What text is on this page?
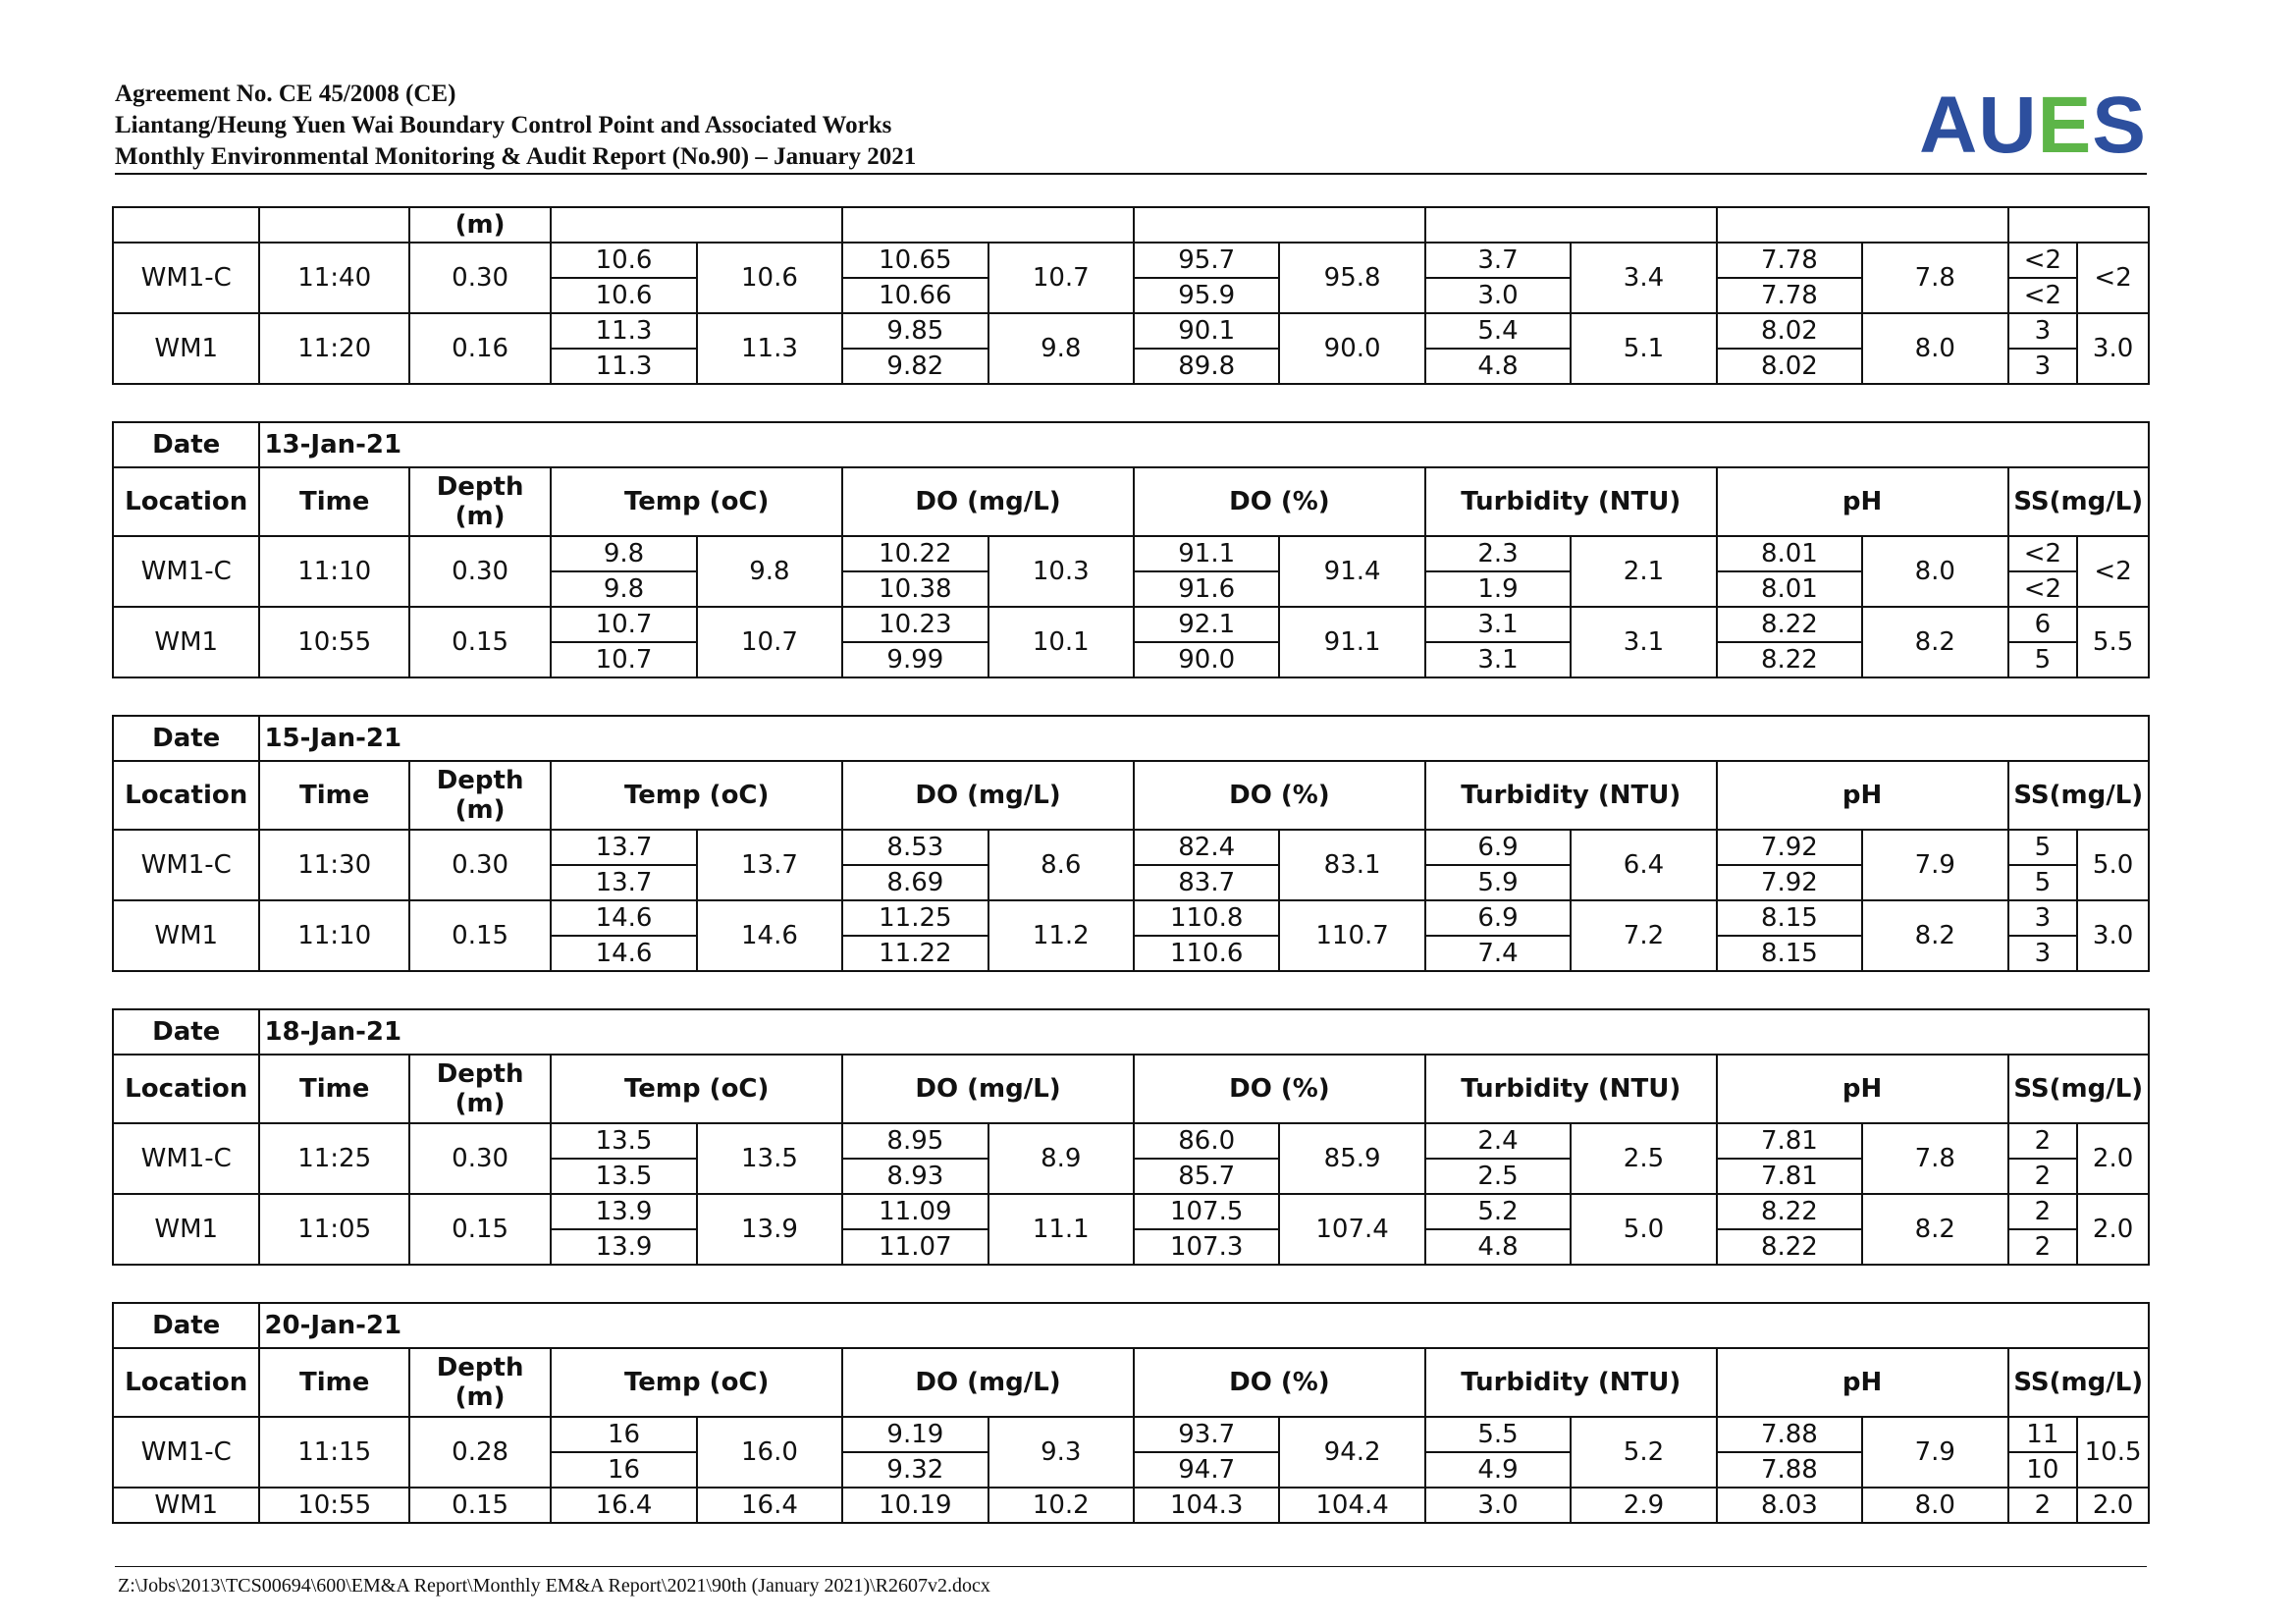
Agreement No. CE 45/2008 (CE)
Liantang/Heung Yuen Wai Boundary Control Point and Associated Works
Monthly Environmental Monitoring & Audit Report (No.90) – January 2021	AUES
		(m)												
WM1-C	11:40	0.30	10.6	10.6	10.65	10.7	95.7	95.8	3.7	3.4	7.78	7.8	<2	<2
			10.6		10.66		95.9		3.0		7.78		<2	
WM1	11:20	0.16	11.3	11.3	9.85	9.8	90.1	90.0	5.4	5.1	8.02	8.0	3	3.0
			11.3		9.82		89.8		4.8		8.02		3	
Date	13-Jan-21													
Location	Time	Depth (m)	Temp (oC)		DO (mg/L)		DO (%)		Turbidity (NTU)		pH		SS(mg/L)	
WM1-C	11:10	0.30	9.8	9.8	10.22	10.3	91.1	91.4	2.3	2.1	8.01	8.0	<2	<2
			9.8		10.38		91.6		1.9		8.01		<2	
WM1	10:55	0.15	10.7	10.7	10.23	10.1	92.1	91.1	3.1	3.1	8.22	8.2	6	5.5
			10.7		9.99		90.0		3.1		8.22		5	
Date	15-Jan-21													
Location	Time	Depth (m)	Temp (oC)		DO (mg/L)		DO (%)		Turbidity (NTU)		pH		SS(mg/L)	
WM1-C	11:30	0.30	13.7	13.7	8.53	8.6	82.4	83.1	6.9	6.4	7.92	7.9	5	5.0
			13.7		8.69		83.7		5.9		7.92		5	
WM1	11:10	0.15	14.6	14.6	11.25	11.2	110.8	110.7	6.9	7.2	8.15	8.2	3	3.0
			14.6		11.22		110.6		7.4		8.15		3	
Date	18-Jan-21													
Location	Time	Depth (m)	Temp (oC)		DO (mg/L)		DO (%)		Turbidity (NTU)		pH		SS(mg/L)	
WM1-C	11:25	0.30	13.5	13.5	8.95	8.9	86.0	85.9	2.4	2.5	7.81	7.8	2	2.0
			13.5		8.93		85.7		2.5		7.81		2	
WM1	11:05	0.15	13.9	13.9	11.09	11.1	107.5	107.4	5.2	5.0	8.22	8.2	2	2.0
			13.9		11.07		107.3		4.8		8.22		2	
Date	20-Jan-21													
Location	Time	Depth (m)	Temp (oC)		DO (mg/L)		DO (%)		Turbidity (NTU)		pH		SS(mg/L)	
WM1-C	11:15	0.28	16	16.0	9.19	9.3	93.7	94.2	5.5	5.2	7.88	7.9	11	10.5
			16		9.32		94.7		4.9		7.88		10	
WM1	10:55	0.15	16.4	16.4	10.19	10.2	104.3	104.4	3.0	2.9	8.03	8.0	2	2.0
Z:\Jobs\2013\TCS00694\600\EM&A Report\Monthly EM&A Report\2021\90th (January 2021)\R2607v2.docx
